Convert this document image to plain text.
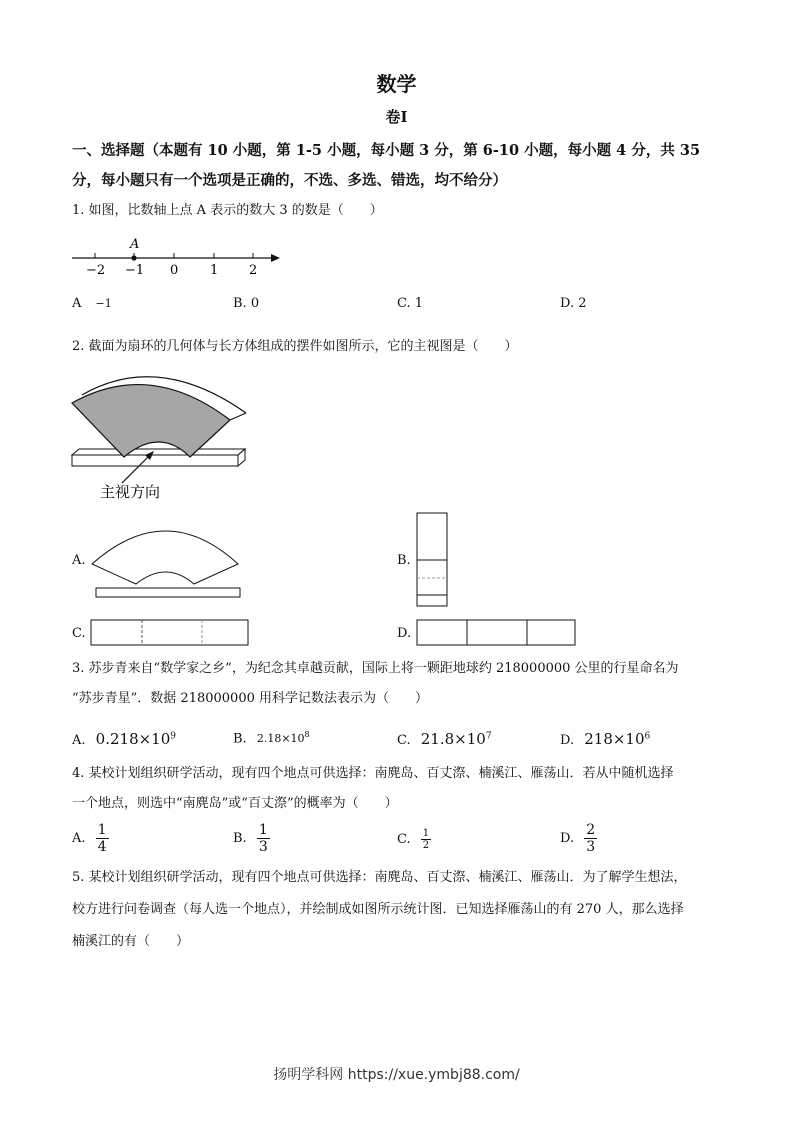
数学
卷Ⅰ
一、选择题（本题有 10 小题，第 1-5 小题，每小题 3 分，第 6-10 小题，每小题 4 分，共 35
分，每小题只有一个选项是正确的，不选、多选、错选，均不给分）
1. 如图，比数轴上点 A 表示的数大 3 的数是（　　）
A
−2 −1 0 1 2
A −1	B. 0	C. 1	D. 2
2. 截面为扇环的几何体与长方体组成的摆件如图所示，它的主视图是（　　）
主视方向
A.	B.
C.	D.
3. 苏步青来自“数学家之乡”，为纪念其卓越贡献，国际上将一颗距地球约 218000000 公里的行星命名为
“苏步青星”．数据 218000000 用科学记数法表示为（　　）
A. $0.218\times 10^9$	B. $2.18\times 10^8$	C. $21.8\times 10^7$	D. $218\times 10^6$
4. 某校计划组织研学活动，现有四个地点可供选择：南麂岛、百丈漈、楠溪江、雁荡山．若从中随机选择
一个地点，则选中“南麂岛”或“百丈漈”的概率为（　　）
A. $\frac{1}{4}$	B. $\frac{1}{3}$	C. $\frac{1}{2}$	D. $\frac{2}{3}$
5. 某校计划组织研学活动，现有四个地点可供选择：南麂岛、百丈漈、楠溪江、雁荡山．为了解学生想法，
校方进行问卷调查（每人选一个地点），并绘制成如图所示统计图．已知选择雁荡山的有 270 人，那么选择
楠溪江的有（　　）
扬明学科网 https://xue.ymbj88.com/
